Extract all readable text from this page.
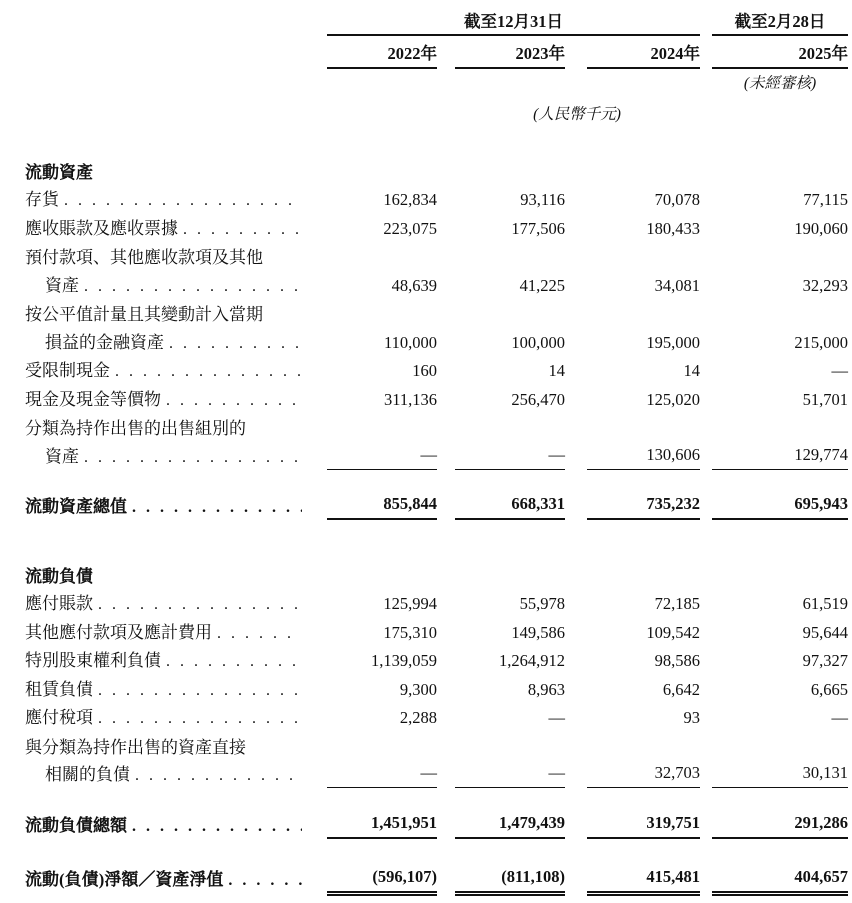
截至12月31日	截至2月28日
2022年	2023年	2024年	2025年
(未經審核)
(人民幣千元)
流動資產
存貨 . . .	162,834	93,116	70,078	77,115
應收賬款及應收票據 . . .	223,075	177,506	180,433	190,060
預付款項、其他應收款項及其他
資產 . . .	48,639	41,225	34,081	32,293
按公平值計量且其變動計入當期
損益的金融資產 . . .	110,000	100,000	195,000	215,000
受限制現金 . . .	160	14	14	—
現金及現金等價物 . . .	311,136	256,470	125,020	51,701
分類為持作出售的出售組別的
資產 . . .	—	—	130,606	129,774
流動資產總值 . . .	855,844	668,331	735,232	695,943
流動負債
應付賬款 . . .	125,994	55,978	72,185	61,519
其他應付款項及應計費用 . . .	175,310	149,586	109,542	95,644
特別股東權利負債 . . .	1,139,059	1,264,912	98,586	97,327
租賃負債 . . .	9,300	8,963	6,642	6,665
應付稅項 . . .	2,288	—	93	—
與分類為持作出售的資產直接
相關的負債 . . .	—	—	32,703	30,131
流動負債總額 . . .	1,451,951	1,479,439	319,751	291,286
流動(負債)淨額／資產淨值 . . .	(596,107)	(811,108)	415,481	404,657
